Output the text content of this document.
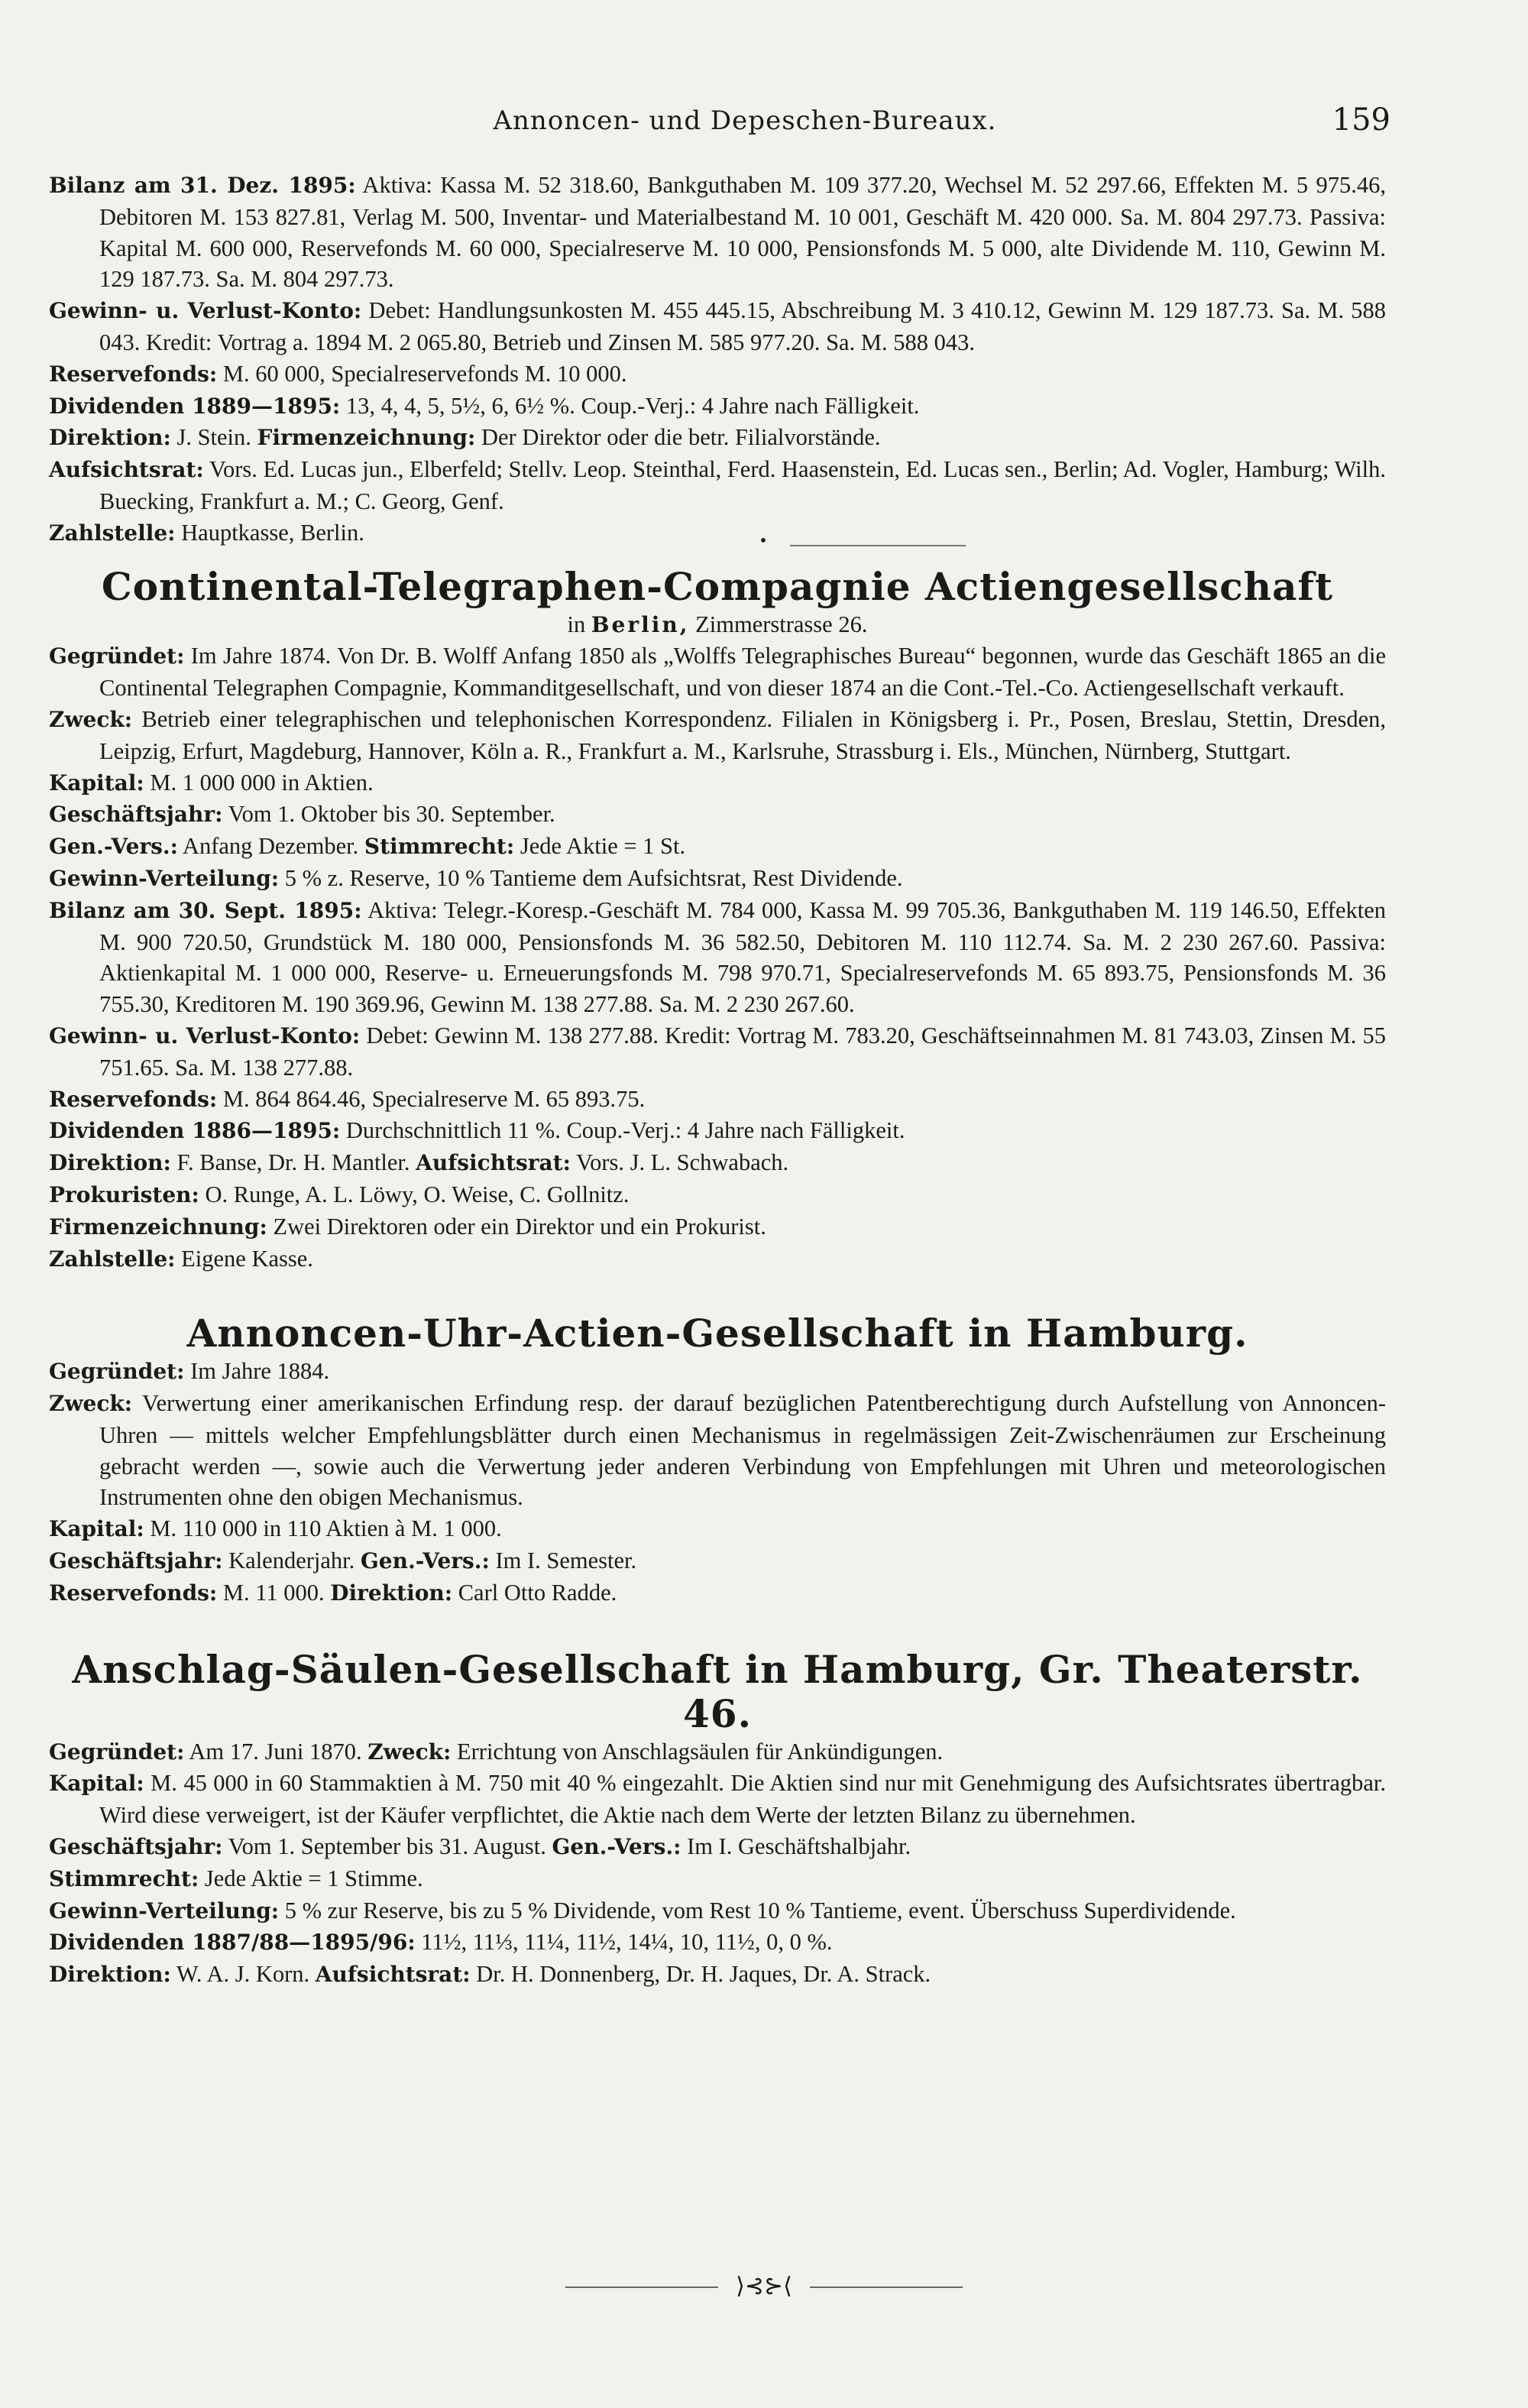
Annoncen- und Depeschen-Bureaux.	159

Bilanz am 31. Dez. 1895: Aktiva: Kassa M. 52 318.60, Bankguthaben M. 109 377.20, Wechsel M. 52 297.66, Effekten M. 5 975.46, Debitoren M. 153 827.81, Verlag M. 500, Inventar- und Materialbestand M. 10 001, Geschäft M. 420 000. Sa. M. 804 297.73. Passiva: Kapital M. 600 000, Reservefonds M. 60 000, Specialreserve M. 10 000, Pensionsfonds M. 5 000, alte Dividende M. 110, Gewinn M. 129 187.73. Sa. M. 804 297.73.

Gewinn- u. Verlust-Konto: Debet: Handlungsunkosten M. 455 445.15, Abschreibung M. 3 410.12, Gewinn M. 129 187.73. Sa. M. 588 043. Kredit: Vortrag a. 1894 M. 2 065.80, Betrieb und Zinsen M. 585 977.20. Sa. M. 588 043.

Reservefonds: M. 60 000, Specialreservefonds M. 10 000.

Dividenden 1889—1895: 13, 4, 4, 5, 5½, 6, 6½ %. Coup.-Verj.: 4 Jahre nach Fälligkeit.

Direktion: J. Stein. Firmenzeichnung: Der Direktor oder die betr. Filialvorstände.

Aufsichtsrat: Vors. Ed. Lucas jun., Elberfeld; Stellv. Leop. Steinthal, Ferd. Haasenstein, Ed. Lucas sen., Berlin; Ad. Vogler, Hamburg; Wilh. Buecking, Frankfurt a. M.; C. Georg, Genf.

Zahlstelle: Hauptkasse, Berlin.	•
Continental-Telegraphen-Compagnie Actiengesellschaft

in Berlin, Zimmerstrasse 26.

Gegründet: Im Jahre 1874. Von Dr. B. Wolff Anfang 1850 als „Wolffs Telegraphisches Bureau“ begonnen, wurde das Geschäft 1865 an die Continental Telegraphen Compagnie, Kommanditgesellschaft, und von dieser 1874 an die Cont.-Tel.-Co. Actiengesellschaft verkauft.

Zweck: Betrieb einer telegraphischen und telephonischen Korrespondenz. Filialen in Königsberg i. Pr., Posen, Breslau, Stettin, Dresden, Leipzig, Erfurt, Magdeburg, Hannover, Köln a. R., Frankfurt a. M., Karlsruhe, Strassburg i. Els., München, Nürnberg, Stuttgart.

Kapital: M. 1 000 000 in Aktien.

Geschäftsjahr: Vom 1. Oktober bis 30. September.

Gen.-Vers.: Anfang Dezember. Stimmrecht: Jede Aktie = 1 St.

Gewinn-Verteilung: 5 % z. Reserve, 10 % Tantieme dem Aufsichtsrat, Rest Dividende.

Bilanz am 30. Sept. 1895: Aktiva: Telegr.-Koresp.-Geschäft M. 784 000, Kassa M. 99 705.36, Bankguthaben M. 119 146.50, Effekten M. 900 720.50, Grundstück M. 180 000, Pensionsfonds M. 36 582.50, Debitoren M. 110 112.74. Sa. M. 2 230 267.60. Passiva: Aktienkapital M. 1 000 000, Reserve- u. Erneuerungsfonds M. 798 970.71, Specialreservefonds M. 65 893.75, Pensionsfonds M. 36 755.30, Kreditoren M. 190 369.96, Gewinn M. 138 277.88. Sa. M. 2 230 267.60.

Gewinn- u. Verlust-Konto: Debet: Gewinn M. 138 277.88. Kredit: Vortrag M. 783.20, Geschäftseinnahmen M. 81 743.03, Zinsen M. 55 751.65. Sa. M. 138 277.88.

Reservefonds: M. 864 864.46, Specialreserve M. 65 893.75.

Dividenden 1886—1895: Durchschnittlich 11 %. Coup.-Verj.: 4 Jahre nach Fälligkeit.

Direktion: F. Banse, Dr. H. Mantler. Aufsichtsrat: Vors. J. L. Schwabach.

Prokuristen: O. Runge, A. L. Löwy, O. Weise, C. Gollnitz.

Firmenzeichnung: Zwei Direktoren oder ein Direktor und ein Prokurist.

Zahlstelle: Eigene Kasse.

Annoncen-Uhr-Actien-Gesellschaft in Hamburg.

Gegründet: Im Jahre 1884.

Zweck: Verwertung einer amerikanischen Erfindung resp. der darauf bezüglichen Patentberechtigung durch Aufstellung von Annoncen-Uhren — mittels welcher Empfehlungsblätter durch einen Mechanismus in regelmässigen Zeit-Zwischenräumen zur Erscheinung gebracht werden —, sowie auch die Verwertung jeder anderen Verbindung von Empfehlungen mit Uhren und meteorologischen Instrumenten ohne den obigen Mechanismus.

Kapital: M. 110 000 in 110 Aktien à M. 1 000.

Geschäftsjahr: Kalenderjahr. Gen.-Vers.: Im I. Semester.

Reservefonds: M. 11 000. Direktion: Carl Otto Radde.

Anschlag-Säulen-Gesellschaft in Hamburg, Gr. Theaterstr. 46.

Gegründet: Am 17. Juni 1870. Zweck: Errichtung von Anschlagsäulen für Ankündigungen.

Kapital: M. 45 000 in 60 Stammaktien à M. 750 mit 40 % eingezahlt. Die Aktien sind nur mit Genehmigung des Aufsichtsrates übertragbar. Wird diese verweigert, ist der Käufer verpflichtet, die Aktie nach dem Werte der letzten Bilanz zu übernehmen.

Geschäftsjahr: Vom 1. September bis 31. August. Gen.-Vers.: Im I. Geschäftshalbjahr.

Stimmrecht: Jede Aktie = 1 Stimme.

Gewinn-Verteilung: 5 % zur Reserve, bis zu 5 % Dividende, vom Rest 10 % Tantieme, event. Überschuss Superdividende.

Dividenden 1887/88—1895/96: 11½, 11⅓, 11¼, 11½, 14¼, 10, 11½, 0, 0 %.

Direktion: W. A. J. Korn. Aufsichtsrat: Dr. H. Donnenberg, Dr. H. Jaques, Dr. A. Strack.

⟩⊰⊱⟨
